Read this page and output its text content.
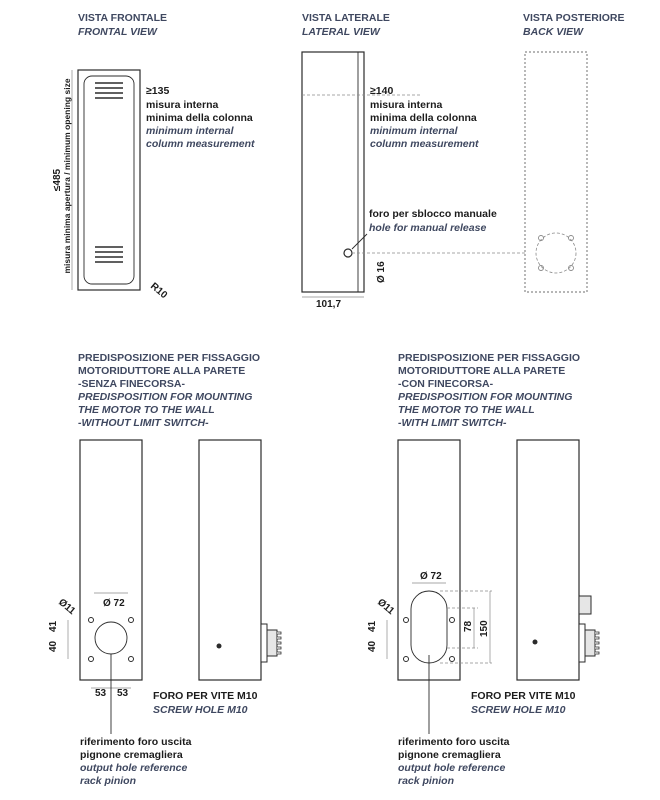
VISTA FRONTALE
FRONTAL VIEW
≤485 misura minima apertura / minimum opening size	≥135
misura interna
minima della colonna
minimum internal
column measurement
R10
VISTA LATERALE
LATERAL VIEW
≥140
misura interna
minima della colonna
minimum internal
column measurement
foro per sblocco manuale
hole for manual release
Ø 16
101,7
VISTA POSTERIORE
BACK VIEW
PREDISPOSIZIONE PER FISSAGGIO
MOTORIDUTTORE ALLA PARETE
-SENZA FINECORSA-
PREDISPOSITION FOR MOUNTING
THE MOTOR TO THE WALL
-WITHOUT LIMIT SWITCH-
Ø 72
Ø11
40
41
53 53 FORO PER VITE M10
SCREW HOLE M10
riferimento foro uscita
pignone cremagliera
output hole reference
rack pinion
PREDISPOSIZIONE PER FISSAGGIO
MOTORIDUTTORE ALLA PARETE
-CON FINECORSA-
PREDISPOSITION FOR MOUNTING
THE MOTOR TO THE WALL
-WITH LIMIT SWITCH-
Ø 72
Ø11
40
41	78 150
FORO PER VITE M10
SCREW HOLE M10
riferimento foro uscita
pignone cremagliera
output hole reference
rack pinion
